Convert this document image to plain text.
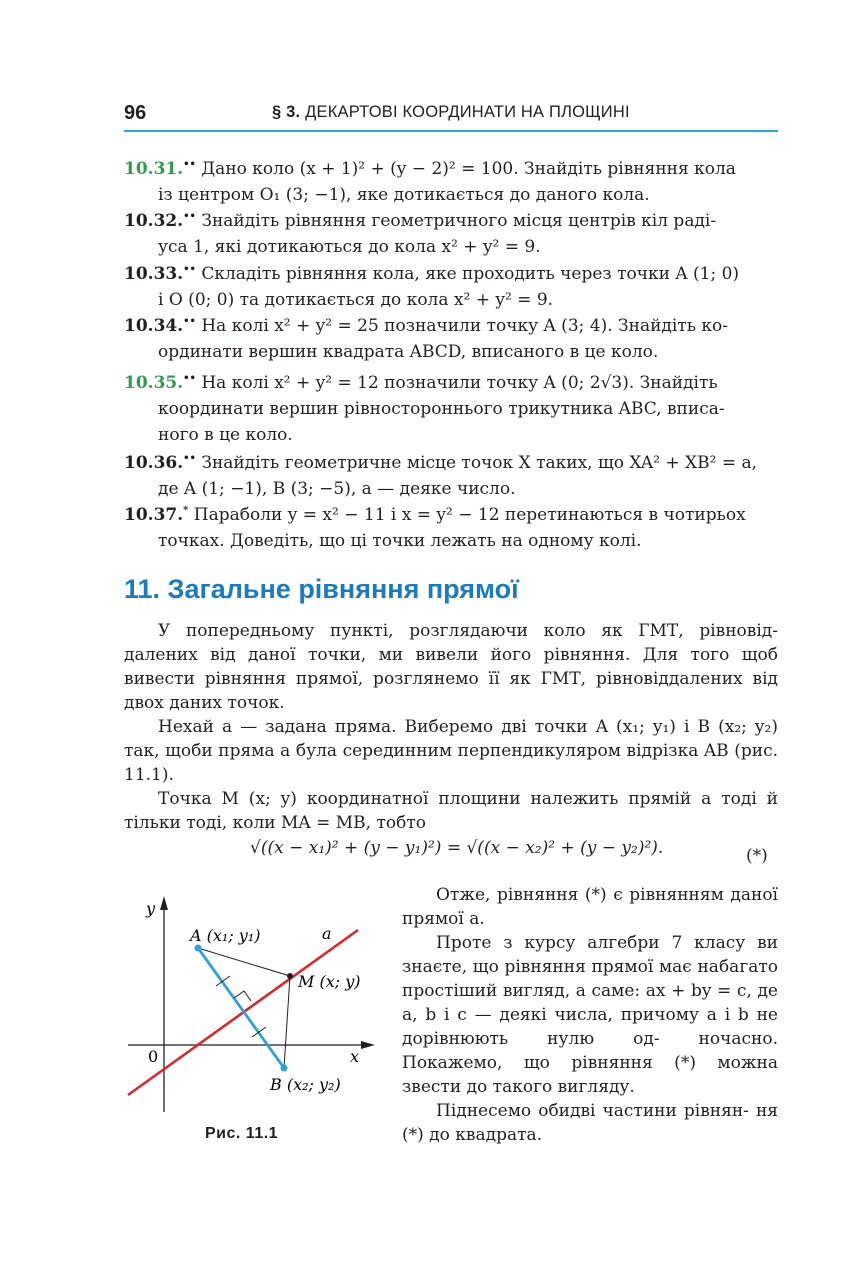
96	§ 3. ДЕКАРТОВІ КООРДИНАТИ НА ПЛОЩИНІ
10.31.•• Дано коло (x + 1)² + (y − 2)² = 100. Знайдіть рівняння кола
із центром O₁ (3; −1), яке дотикається до даного кола.
10.32.•• Знайдіть рівняння геометричного місця центрів кіл раді-
уса 1, які дотикаються до кола x² + y² = 9.
10.33.•• Складіть рівняння кола, яке проходить через точки A (1; 0)
і O (0; 0) та дотикається до кола x² + y² = 9.
10.34.•• На колі x² + y² = 25 позначили точку A (3; 4). Знайдіть ко-
ординати вершин квадрата ABCD, вписаного в це коло.
10.35.•• На колі x² + y² = 12 позначили точку A (0; 2√3). Знайдіть
координати вершин рівностороннього трикутника ABC, вписа-
ного в це коло.
10.36.•• Знайдіть геометричне місце точок X таких, що XA² + XB² = a,
де A (1; −1), B (3; −5), a — деяке число.
10.37.* Параболи y = x² − 11 і x = y² − 12 перетинаються в чотирьох
точках. Доведіть, що ці точки лежать на одному колі.
11. Загальне рівняння прямої
У попередньому пункті, розглядаючи коло як ГМТ, рівновід- далених від даної точки, ми вивели його рівняння. Для того щоб вивести рівняння прямої, розглянемо її як ГМТ, рівновіддалених від двох даних точок.
Нехай a — задана пряма. Виберемо дві точки A (x₁; y₁) і B (x₂; y₂) так, щоби пряма a була серединним перпендикуляром відрізка AB (рис. 11.1).
Точка M (x; y) координатної площини належить прямій a тоді й тільки тоді, коли MA = MB, тобто
√((x − x₁)² + (y − y₁)²) = √((x − x₂)² + (y − y₂)²).	(*)
Отже, рівняння (*) є рівнянням даної прямої a.
Проте з курсу алгебри 7 класу ви знаєте, що рівняння прямої має набагато простіший вигляд, а саме: ax + by = c, де a, b і c — деякі числа, причому a і b не дорівнюють нулю од- ночасно. Покажемо, що рівняння (*) можна звести до такого вигляду.
Піднесемо обидві частини рівнян- ня (*) до квадрата.
y
x
0
a
A (x₁; y₁)
M (x; y)
B (x₂; y₂)
Рис. 11.1
